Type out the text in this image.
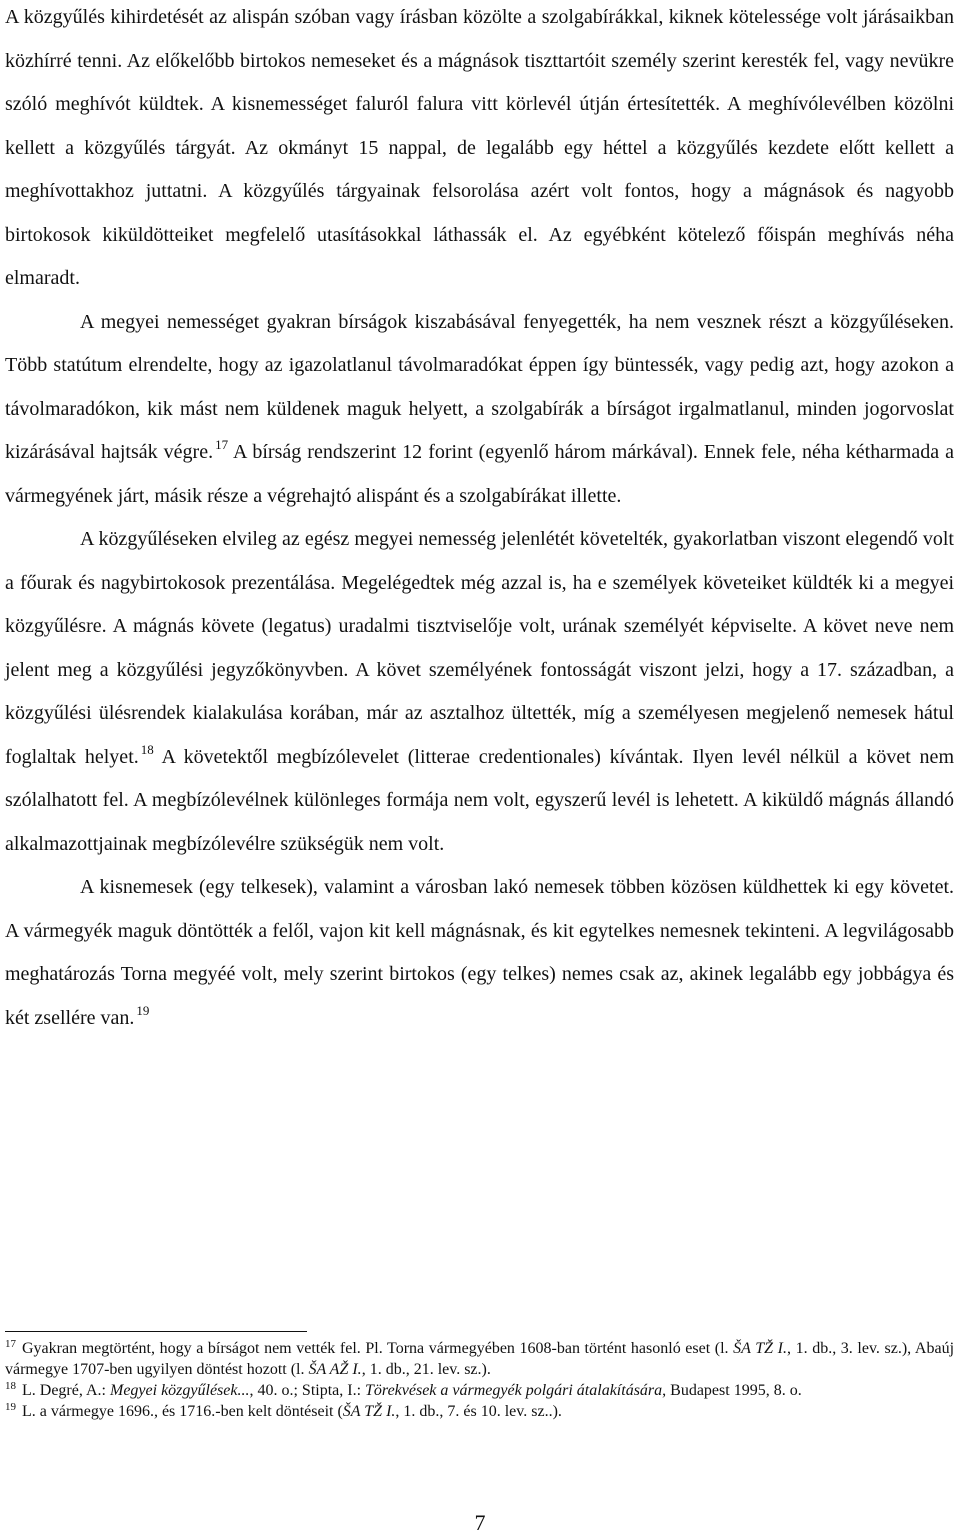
A közgyűlés kihirdetését az alispán szóban vagy írásban közölte a szolgabírákkal, kiknek kötelessége volt járásaikban közhírré tenni. Az előkelőbb birtokos nemeseket és a mágnások tiszttartóit személy szerint keresték fel, vagy nevükre szóló meghívót küldtek. A kisnemességet faluról falura vitt körlevél útján értesítették. A meghívólevélben közölni kellett a közgyűlés tárgyát. Az okmányt 15 nappal, de legalább egy héttel a közgyűlés kezdete előtt kellett a meghívottakhoz juttatni. A közgyűlés tárgyainak felsorolása azért volt fontos, hogy a mágnások és nagyobb birtokosok kiküldötteiket megfelelő utasításokkal láthassák el. Az egyébként kötelező főispán meghívás néha elmaradt.

A megyei nemességet gyakran bírságok kiszabásával fenyegették, ha nem vesznek részt a közgyűléseken. Több statútum elrendelte, hogy az igazolatlanul távolmaradókat éppen így büntessék, vagy pedig azt, hogy azokon a távolmaradókon, kik mást nem küldenek maguk helyett, a szolgabírák a bírságot irgalmatlanul, minden jogorvoslat kizárásával hajtsák végre. $^{17}$ A bírság rendszerint 12 forint (egyenlő három márkával). Ennek fele, néha kétharmada a vármegyének járt, másik része a végrehajtó alispánt és a szolgabírákat illette.

A közgyűléseken elvileg az egész megyei nemesség jelenlétét követelték, gyakorlatban viszont elegendő volt a főurak és nagybirtokosok prezentálása. Megelégedtek még azzal is, ha e személyek követeiket küldték ki a megyei közgyűlésre. A mágnás követe (legatus) uradalmi tisztviselője volt, urának személyét képviselte. A követ neve nem jelent meg a közgyűlési jegyzőkönyvben. A követ személyének fontosságát viszont jelzi, hogy a 17. században, a közgyűlési ülésrendek kialakulása korában, már az asztalhoz ültették, míg a személyesen megjelenő nemesek hátul foglaltak helyet. $^{18}$ A követektől megbízólevelet (litterae credentionales) kívántak. Ilyen levél nélkül a követ nem szólalhatott fel. A megbízólevélnek különleges formája nem volt, egyszerű levél is lehetett. A kiküldő mágnás állandó alkalmazottjainak megbízólevélre szükségük nem volt.

A kisnemesek (egy telkesek), valamint a városban lakó nemesek többen közösen küldhettek ki egy követet. A vármegyék maguk döntötték a felől, vajon kit kell mágnásnak, és kit egytelkes nemesnek tekinteni. A legvilágosabb meghatározás Torna megyéé volt, mely szerint birtokos (egy telkes) nemes csak az, akinek legalább egy jobbágya és két zsellére van. $^{19}$

$^{17}$ Gyakran megtörtént, hogy a bírságot nem vették fel. Pl. Torna vármegyében 1608-ban történt hasonló eset (l. ŠA TŽ I., 1. db., 3. lev. sz.), Abaúj vármegye 1707-ben ugyilyen döntést hozott (l. ŠA AŽ I., 1. db., 21. lev. sz.).

$^{18}$ L. Degré, A.: Megyei közgyűlések..., 40. o.; Stipta, I.: Törekvések a vármegyék polgári átalakítására, Budapest 1995, 8. o.

$^{19}$ L. a vármegye 1696., és 1716.-ben kelt döntéseit (ŠA TŽ I., 1. db., 7. és 10. lev. sz..).

7
